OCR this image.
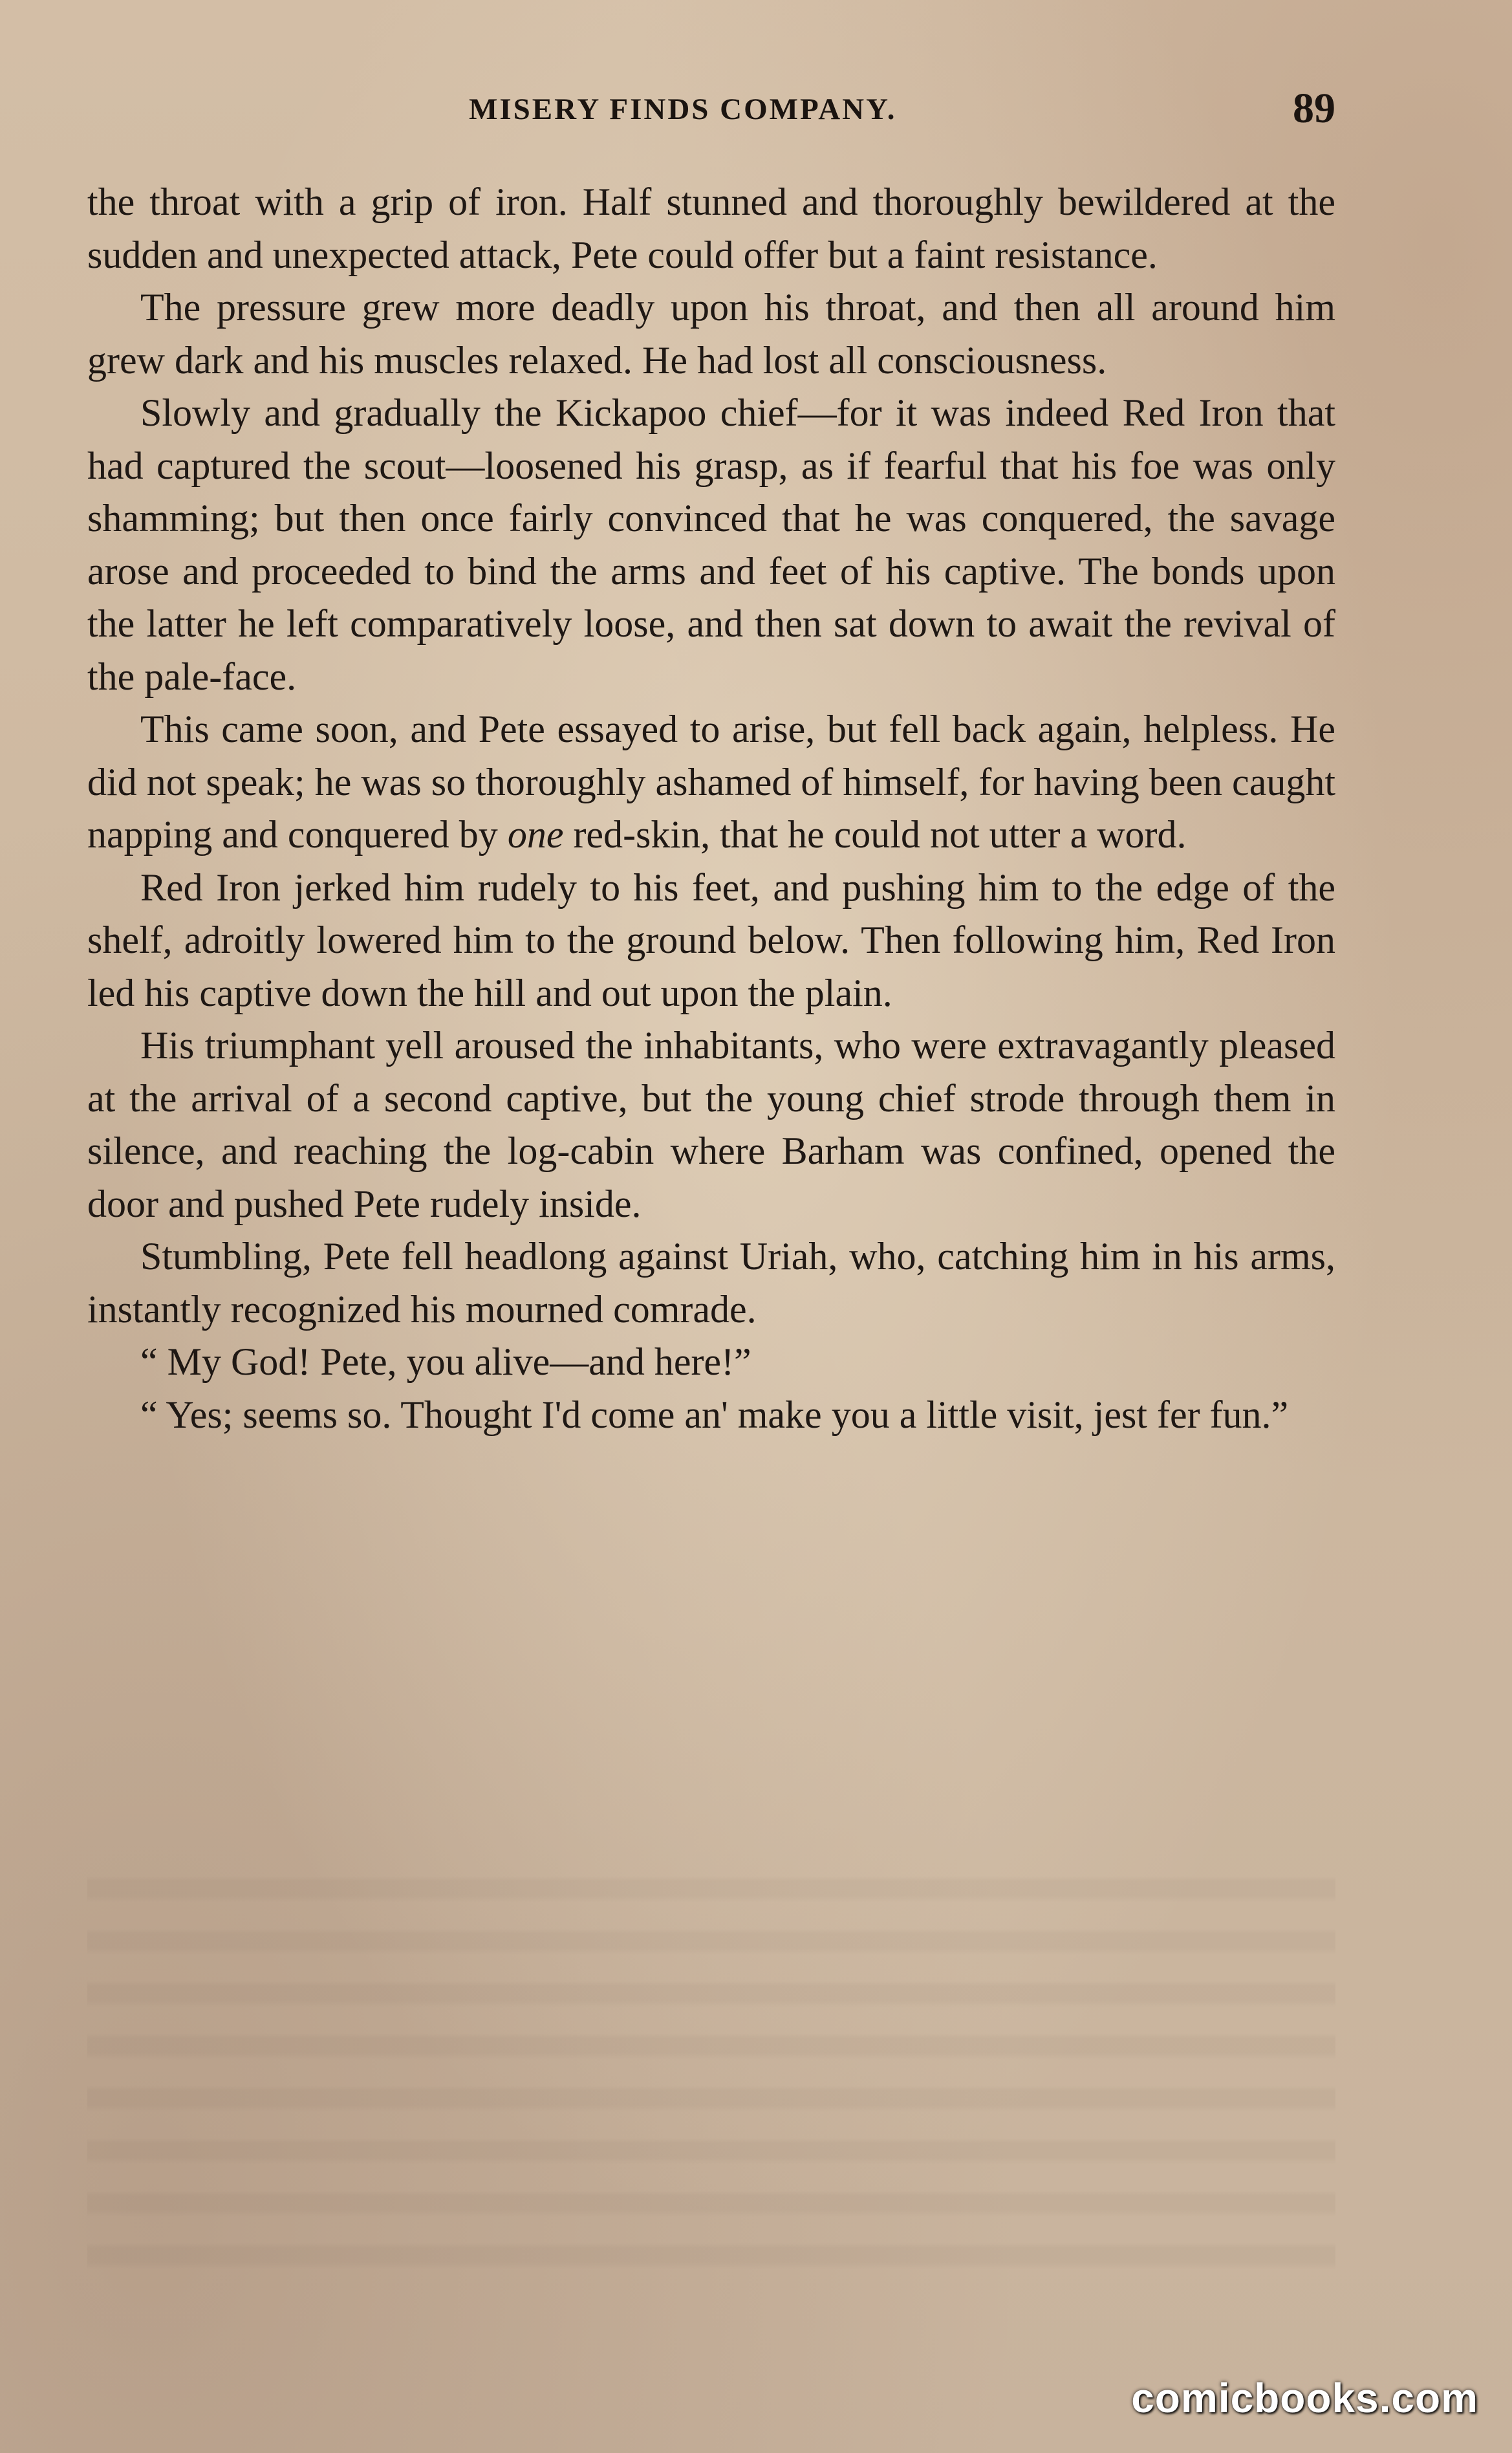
MISERY FINDS COMPANY.	89

the throat with a grip of iron. Half stunned and thoroughly bewildered at the sudden and unexpected attack, Pete could offer but a faint resistance.

The pressure grew more deadly upon his throat, and then all around him grew dark and his muscles relaxed. He had lost all consciousness.

Slowly and gradually the Kickapoo chief—for it was indeed Red Iron that had captured the scout—loosened his grasp, as if fearful that his foe was only shamming; but then once fairly convinced that he was conquered, the savage arose and proceeded to bind the arms and feet of his captive. The bonds upon the latter he left comparatively loose, and then sat down to await the revival of the pale-face.

This came soon, and Pete essayed to arise, but fell back again, helpless. He did not speak; he was so thoroughly ashamed of himself, for having been caught napping and conquered by one red-skin, that he could not utter a word.

Red Iron jerked him rudely to his feet, and pushing him to the edge of the shelf, adroitly lowered him to the ground below. Then following him, Red Iron led his captive down the hill and out upon the plain.

His triumphant yell aroused the inhabitants, who were extravagantly pleased at the arrival of a second captive, but the young chief strode through them in silence, and reaching the log-cabin where Barham was confined, opened the door and pushed Pete rudely inside.

Stumbling, Pete fell headlong against Uriah, who, catching him in his arms, instantly recognized his mourned comrade.

“ My God! Pete, you alive—and here!”

“ Yes; seems so. Thought I'd come an' make you a little visit, jest fer fun.”

comicbooks.com
